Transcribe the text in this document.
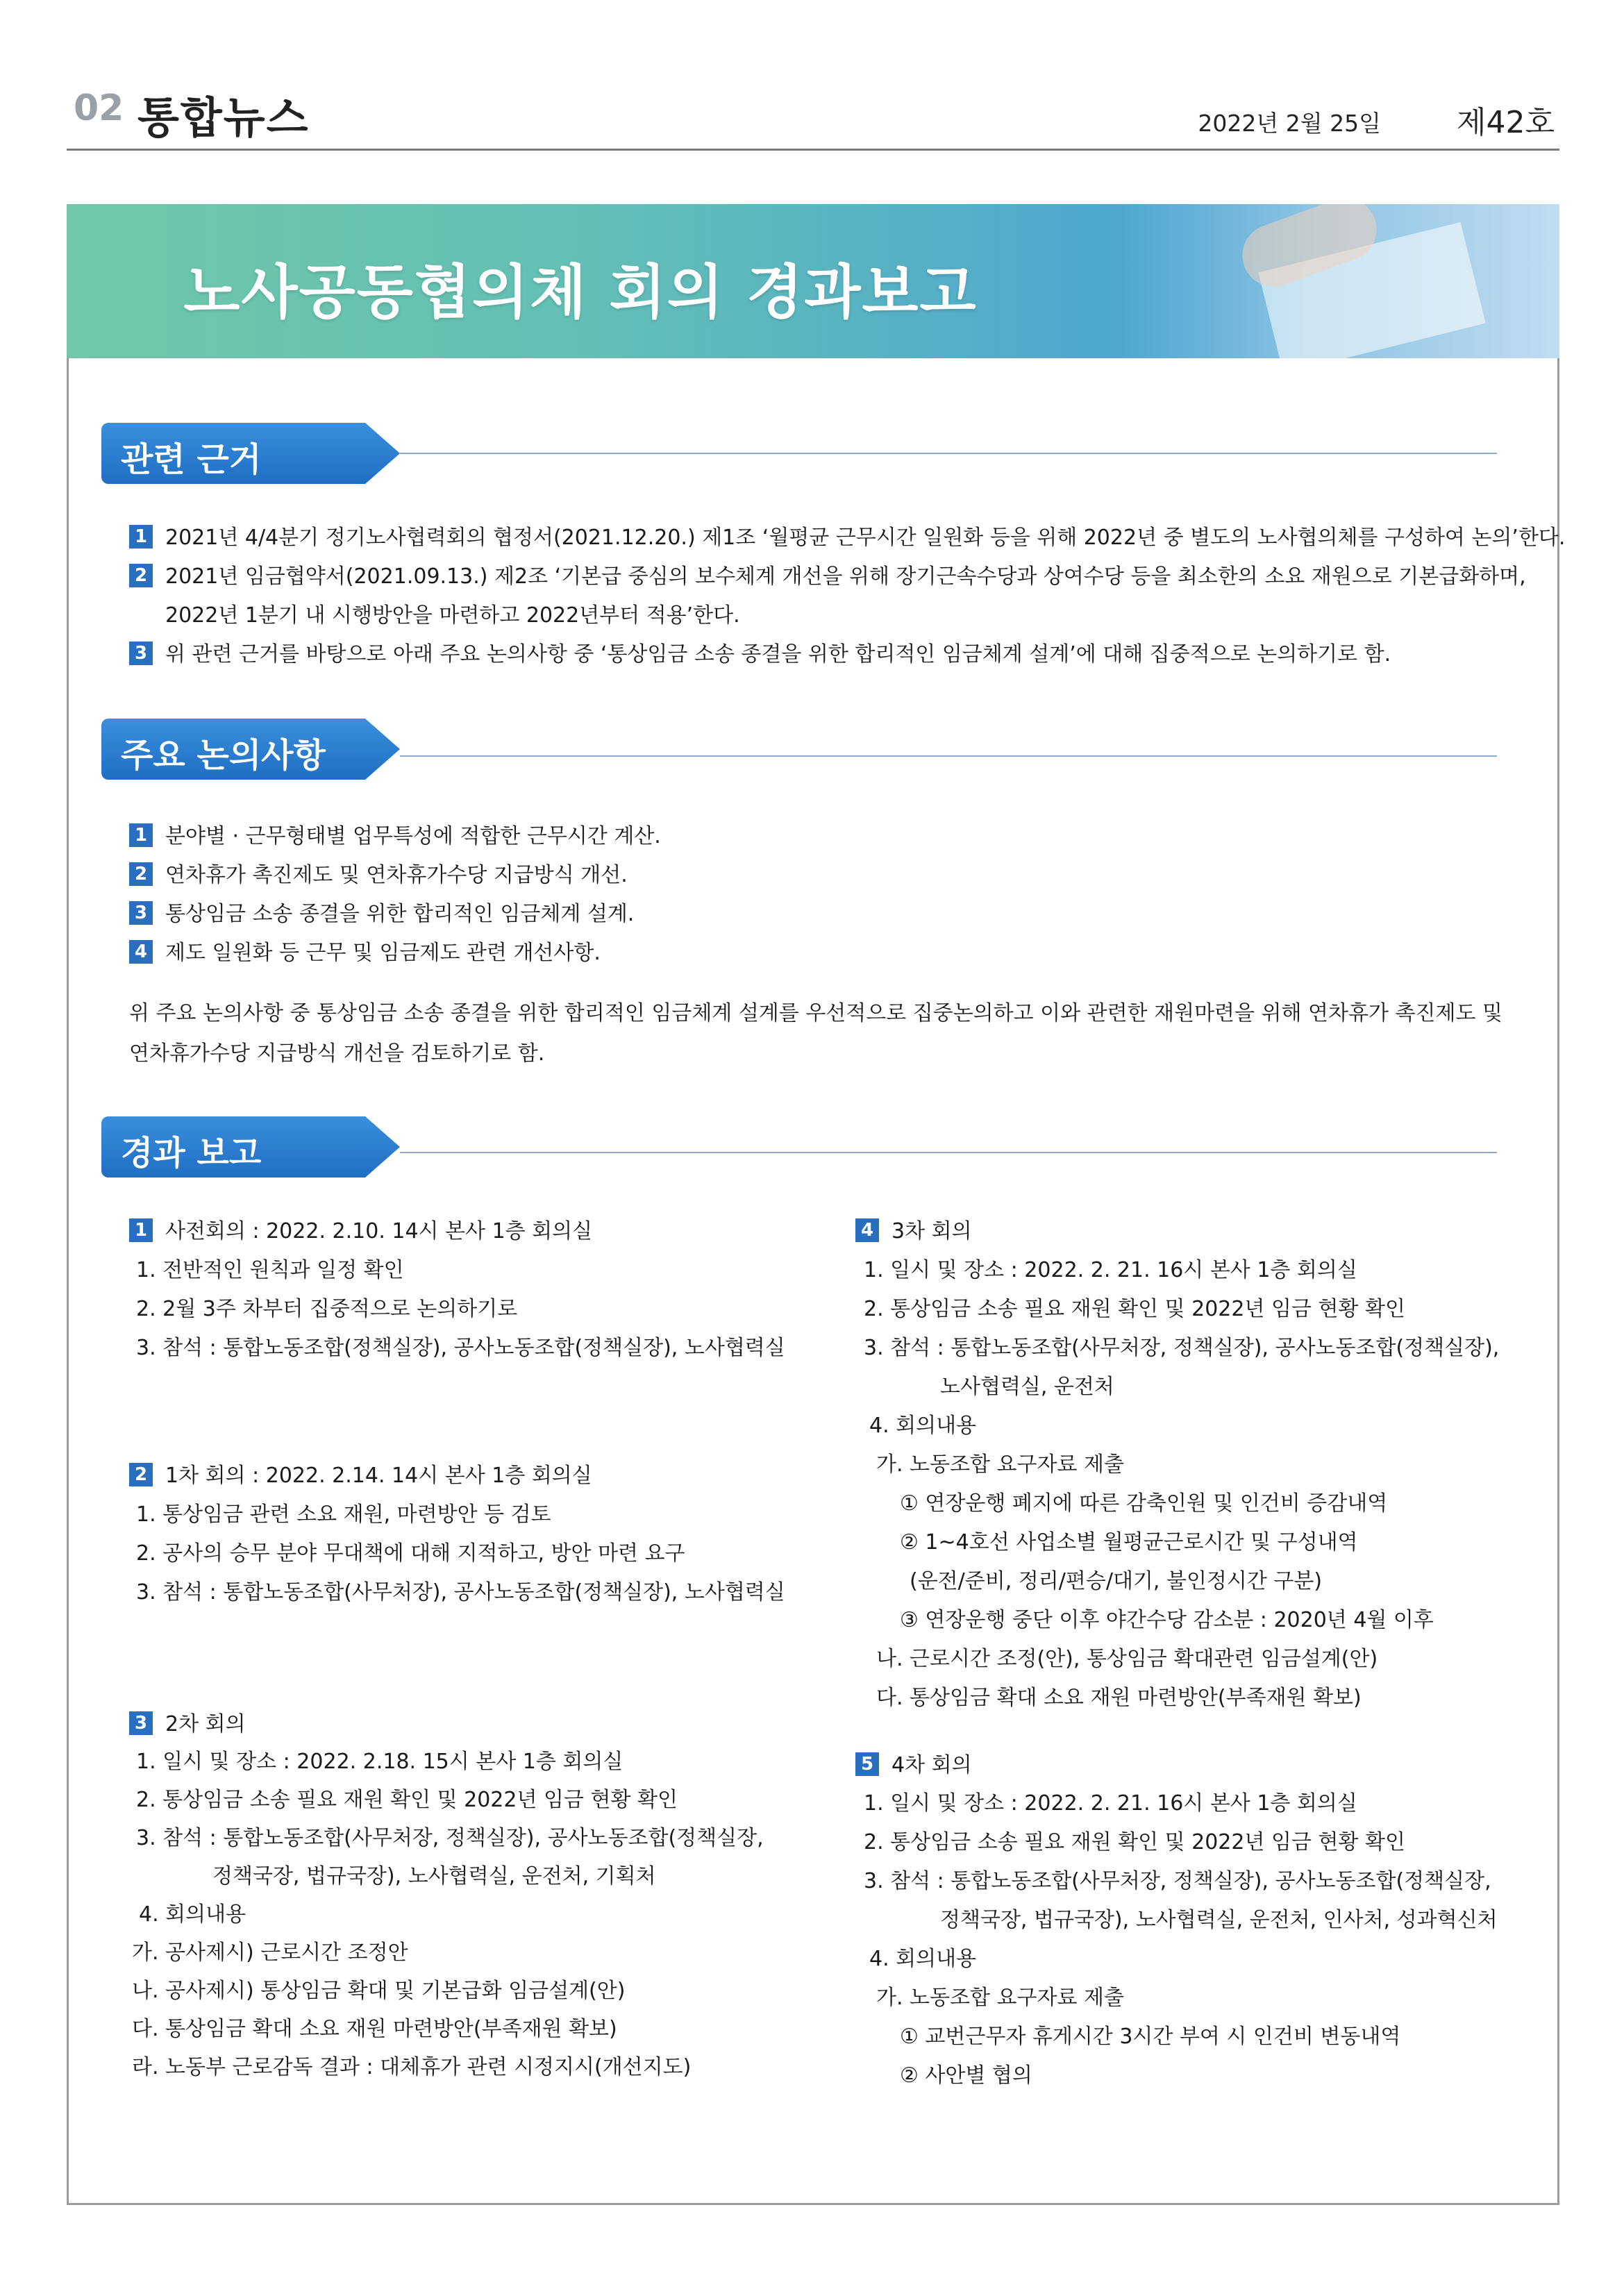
02 통합뉴스	2022년 2월 25일 제42호
노사공동협의체 회의 경과보고
관련 근거
1 2021년 4/4분기 정기노사협력회의 협정서(2021.12.20.) 제1조 ‘월평균 근무시간 일원화 등을 위해 2022년 중 별도의 노사협의체를 구성하여 논의’한다.
2 2021년 임금협약서(2021.09.13.) 제2조 ‘기본급 중심의 보수체계 개선을 위해 장기근속수당과 상여수당 등을 최소한의 소요 재원으로 기본급화하며,
2022년 1분기 내 시행방안을 마련하고 2022년부터 적용’한다.
3 위 관련 근거를 바탕으로 아래 주요 논의사항 중 ‘통상임금 소송 종결을 위한 합리적인 임금체계 설계’에 대해 집중적으로 논의하기로 함.
주요 논의사항
1 분야별 · 근무형태별 업무특성에 적합한 근무시간 계산.
2 연차휴가 촉진제도 및 연차휴가수당 지급방식 개선.
3 통상임금 소송 종결을 위한 합리적인 임금체계 설계.
4 제도 일원화 등 근무 및 임금제도 관련 개선사항.
위 주요 논의사항 중 통상임금 소송 종결을 위한 합리적인 임금체계 설계를 우선적으로 집중논의하고 이와 관련한 재원마련을 위해 연차휴가 촉진제도 및
연차휴가수당 지급방식 개선을 검토하기로 함.
경과 보고
1 사전회의 : 2022. 2.10. 14시 본사 1층 회의실
1. 전반적인 원칙과 일정 확인
2. 2월 3주 차부터 집중적으로 논의하기로
3. 참석 : 통합노동조합(정책실장), 공사노동조합(정책실장), 노사협력실
2 1차 회의 : 2022. 2.14. 14시 본사 1층 회의실
1. 통상임금 관련 소요 재원, 마련방안 등 검토
2. 공사의 승무 분야 무대책에 대해 지적하고, 방안 마련 요구
3. 참석 : 통합노동조합(사무처장), 공사노동조합(정책실장), 노사협력실
3 2차 회의
1. 일시 및 장소 : 2022. 2.18. 15시 본사 1층 회의실
2. 통상임금 소송 필요 재원 확인 및 2022년 임금 현황 확인
3. 참석 : 통합노동조합(사무처장, 정책실장), 공사노동조합(정책실장,
정책국장, 법규국장), 노사협력실, 운전처, 기획처
4. 회의내용
가. 공사제시) 근로시간 조정안
나. 공사제시) 통상임금 확대 및 기본급화 임금설계(안)
다. 통상임금 확대 소요 재원 마련방안(부족재원 확보)
라. 노동부 근로감독 결과 : 대체휴가 관련 시정지시(개선지도)
4 3차 회의
1. 일시 및 장소 : 2022. 2. 21. 16시 본사 1층 회의실
2. 통상임금 소송 필요 재원 확인 및 2022년 임금 현황 확인
3. 참석 : 통합노동조합(사무처장, 정책실장), 공사노동조합(정책실장),
노사협력실, 운전처
4. 회의내용
가. 노동조합 요구자료 제출
① 연장운행 폐지에 따른 감축인원 및 인건비 증감내역
② 1~4호선 사업소별 월평균근로시간 및 구성내역
(운전/준비, 정리/편승/대기, 불인정시간 구분)
③ 연장운행 중단 이후 야간수당 감소분 : 2020년 4월 이후
나. 근로시간 조정(안), 통상임금 확대관련 임금설계(안)
다. 통상임금 확대 소요 재원 마련방안(부족재원 확보)
5 4차 회의
1. 일시 및 장소 : 2022. 2. 21. 16시 본사 1층 회의실
2. 통상임금 소송 필요 재원 확인 및 2022년 임금 현황 확인
3. 참석 : 통합노동조합(사무처장, 정책실장), 공사노동조합(정책실장,
정책국장, 법규국장), 노사협력실, 운전처, 인사처, 성과혁신처
4. 회의내용
가. 노동조합 요구자료 제출
① 교번근무자 휴게시간 3시간 부여 시 인건비 변동내역
② 사안별 협의
